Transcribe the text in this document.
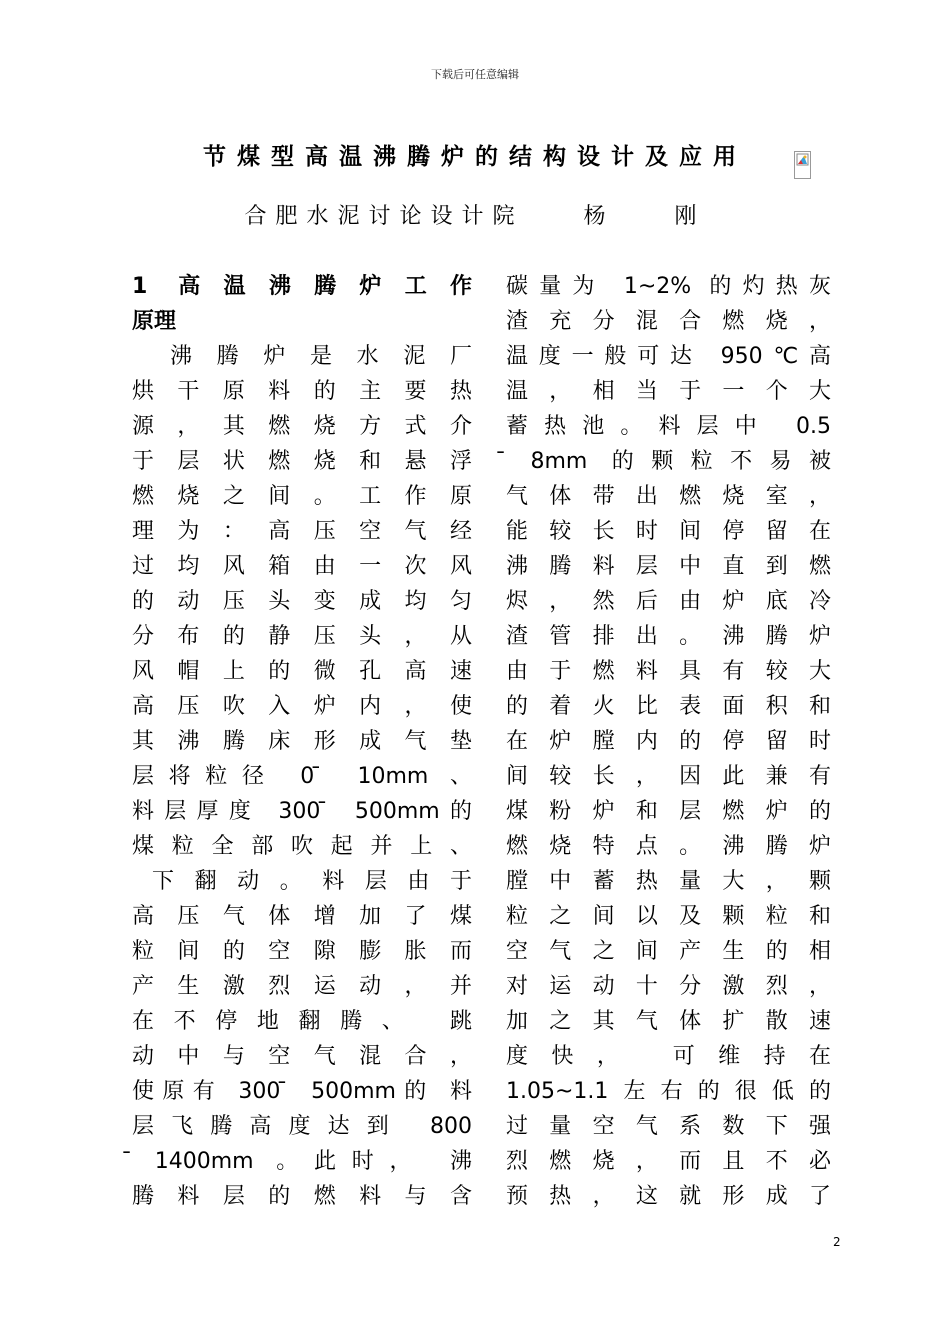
下载后可任意编辑
节煤型高温沸腾炉的结构设计及应用
合肥水泥讨论设计院	杨	刚
1 高温沸腾炉工作
原理
沸腾炉是水泥厂
烘干原料的主要热
源，其燃烧方式介
于层状燃烧和悬浮
燃烧之间。工作原
理为：高压空气经
过均风箱由一次风
的动压头变成均匀
分布的静压头，从
风帽上的微孔高速
高压吹入炉内，使
其沸腾床形成气垫
层将粒径 0 ̄ 10mm 、
料层厚度 300 ̄ 500mm的
煤粒全部吹起并上、
下翻动。料层由于
高压气体增加了煤
粒间的空隙膨胀而
产生激烈运动，并
在不停地翻腾、 跳
动中与空气混合，
使原有 300 ̄ 500mm的 料
层飞腾高度达到 800
̄ 1400mm 。此时， 沸
腾料层的燃料与含
碳量为 1~2% 的灼热灰
渣充分混合燃烧，
温度一般可达 950℃高
温，相当于一个大
蓄热池。料层中 0.5
̄ 8mm 的颗粒不易被
气体带出燃烧室，
能较长时间停留在
沸腾料层中直到燃
烬，然后由炉底冷
渣管排出。沸腾炉
由于燃料具有较大
的着火比表面积和
在炉膛内的停留时
间较长，因此兼有
煤粉炉和层燃炉的
燃烧特点。沸腾炉
膛中蓄热量大，颗
粒之间以及颗粒和
空气之间产生的相
对运动十分激烈，
加之其气体扩散速
度快， 可维持在
1.05~1.1左右的很低的
过量空气系数下强
烈燃烧，而且不必
预热，这就形成了
2
